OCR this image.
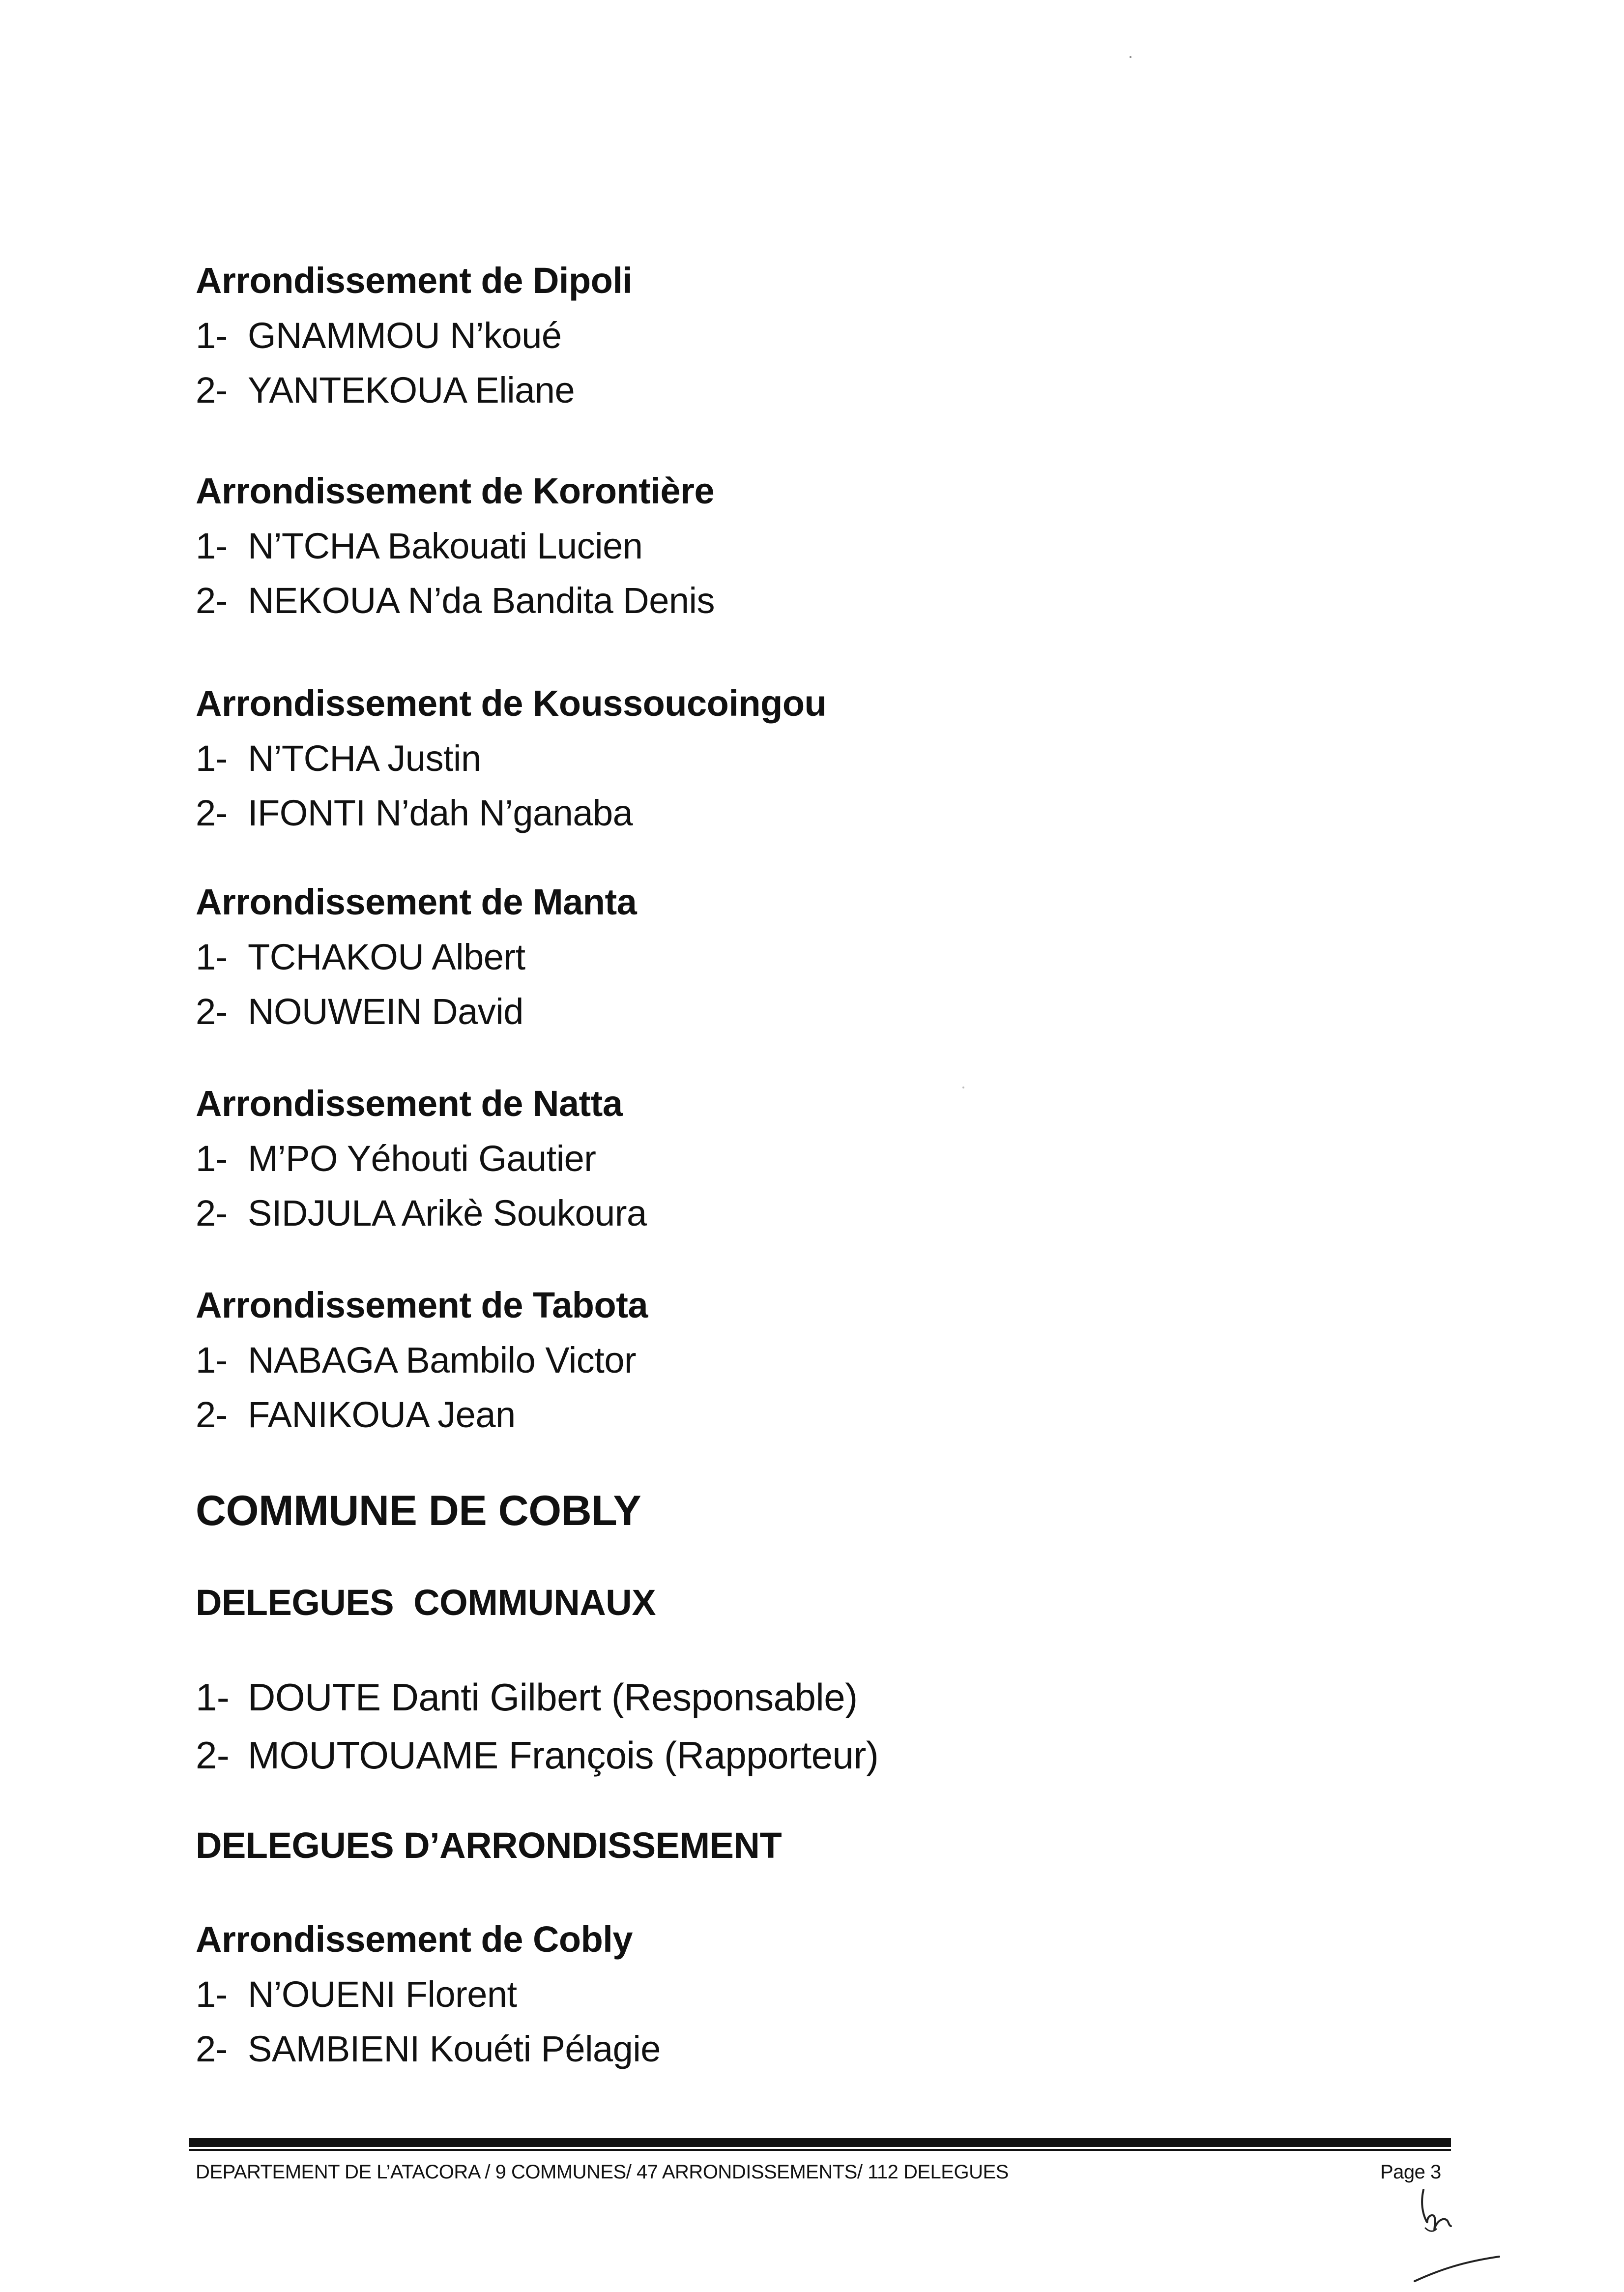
Arrondissement de Dipoli

1- GNAMMOU N’koué

2- YANTEKOUA Eliane

Arrondissement de Korontière

1- N’TCHA Bakouati Lucien

2- NEKOUA N’da Bandita Denis

Arrondissement de Koussoucoingou

1- N’TCHA Justin

2- IFONTI N’dah N’ganaba

Arrondissement de Manta

1- TCHAKOU Albert

2- NOUWEIN David

Arrondissement de Natta

1- M’PO Yéhouti Gautier

2- SIDJULA Arikè Soukoura

Arrondissement de Tabota

1- NABAGA Bambilo Victor

2- FANIKOUA Jean

COMMUNE DE COBLY

DELEGUES  COMMUNAUX

1- DOUTE Danti Gilbert (Responsable)

2- MOUTOUAME François (Rapporteur)

DELEGUES D’ARRONDISSEMENT

Arrondissement de Cobly

1- N’OUENI Florent

2- SAMBIENI Kouéti Pélagie

DEPARTEMENT DE L’ATACORA / 9 COMMUNES/ 47 ARRONDISSEMENTS/ 112 DELEGUES	Page 3
